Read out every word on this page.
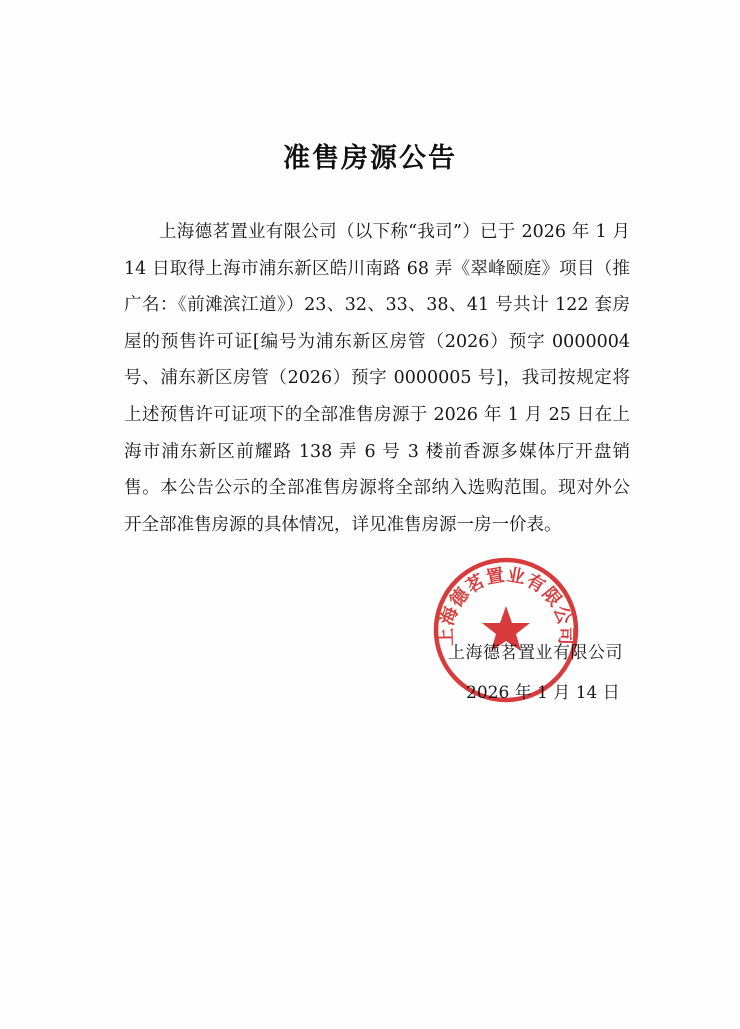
准售房源公告

上海德茗置业有限公司（以下称“我司”）已于 2026 年 1 月 14 日取得上海市浦东新区皓川南路 68 弄《翠峰颐庭》项目（推广名：《前滩滨江道》）23、32、33、38、41 号共计 122 套房屋的预售许可证[编号为浦东新区房管（2026）预字 0000004 号、浦东新区房管（2026）预字 0000005 号]，我司按规定将上述预售许可证项下的全部准售房源于 2026 年 1 月 25 日在上海市浦东新区前耀路 138 弄 6 号 3 楼前香源多媒体厅开盘销售。本公告公示的全部准售房源将全部纳入选购范围。现对外公开全部准售房源的具体情况，详见准售房源一房一价表。

上海德茗置业有限公司
2026 年 1 月 14 日
上海德茗置业有限公司
